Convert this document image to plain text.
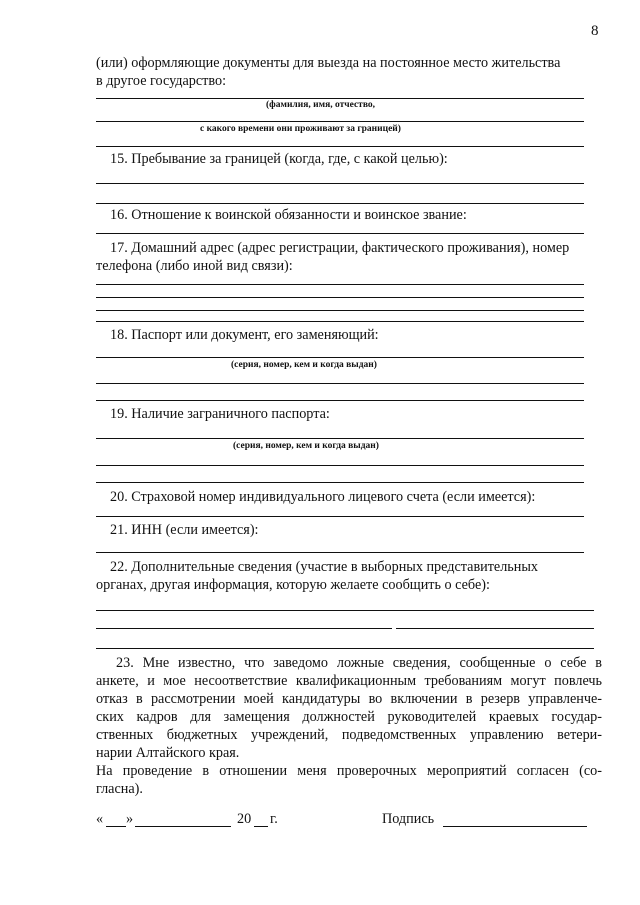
8
(или) оформляющие документы для выезда на постоянное место жительства
в другое государство:
(фамилия, имя, отчество,
с какого времени они проживают за границей)
15. Пребывание за границей (когда, где, с какой целью):
16. Отношение к воинской обязанности и воинское звание:
17. Домашний адрес (адрес регистрации, фактического проживания), номер
телефона (либо иной вид связи):
18. Паспорт или документ, его заменяющий:
(серия, номер, кем и когда выдан)
19. Наличие заграничного паспорта:
(серия, номер, кем и когда выдан)
20. Страховой номер индивидуального лицевого счета (если имеется):
21. ИНН (если имеется):
22. Дополнительные сведения (участие в выборных представительных
органах, другая информация, которую желаете сообщить о себе):
23. Мне известно, что заведомо ложные сведения, сообщенные о себе в
анкете, и мое несоответствие квалификационным требованиям могут повлечь
отказ в рассмотрении моей кандидатуры во включении в резерв управленче-
ских кадров для замещения должностей руководителей краевых государ-
ственных бюджетных учреждений, подведомственных управлению ветери-
нарии Алтайского края.
На проведение в отношении меня проверочных мероприятий согласен (со-
гласна).
« »	20 г.	Подпись
